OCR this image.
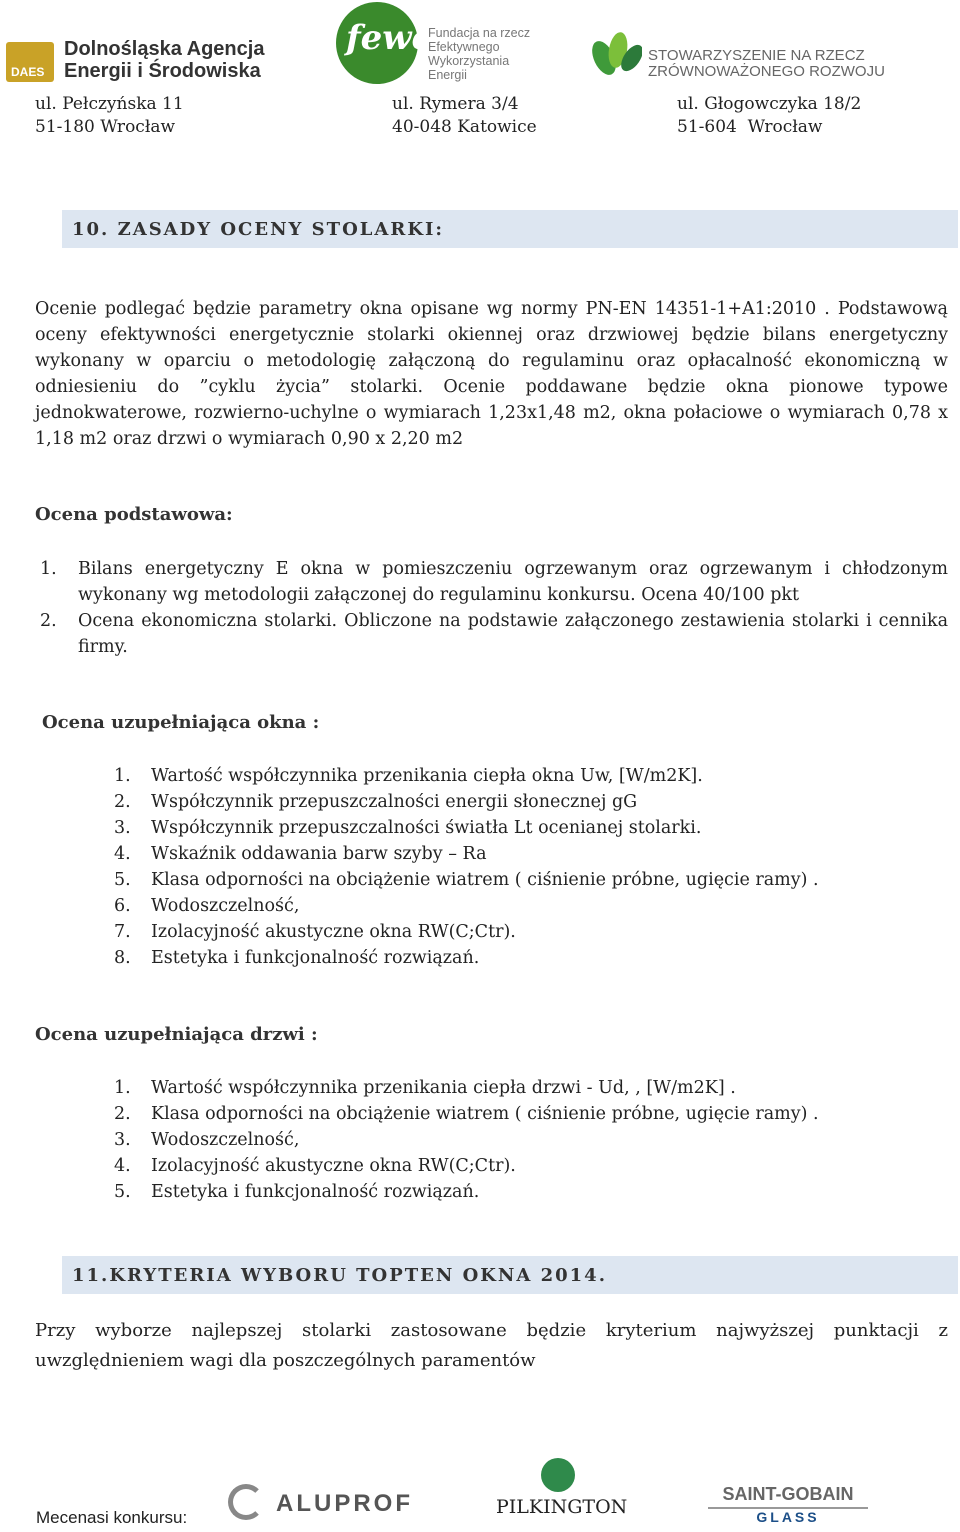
DAES
Dolnośląska Agencja
Energii i Środowiska
fewe
Fundacja na rzecz
Efektywnego
Wykorzystania
Energii
STOWARZYSZENIE NA RZECZ
ZRÓWNOWAŻONEGO ROZWOJU
ul. Pełczyńska 11
51-180 Wrocław
ul. Rymera 3/4
40-048 Katowice
ul. Głogowczyka 18/2
51-604  Wrocław
10. ZASADY OCENY STOLARKI:
Ocenie podlegać będzie parametry okna opisane wg normy PN-EN 14351-1+A1:2010 . Podstawową oceny efektywności energetycznie stolarki okiennej oraz drzwiowej będzie bilans energetyczny wykonany w oparciu o metodologię załączoną do regulaminu oraz opłacalność ekonomiczną w odniesieniu do ”cyklu życia” stolarki. Ocenie poddawane będzie okna pionowe typowe jednokwaterowe, rozwierno-uchylne o wymiarach 1,23x1,48 m2, okna połaciowe o wymiarach 0,78 x 1,18 m2 oraz drzwi o wymiarach 0,90 x 2,20 m2
Ocena podstawowa:
1. Bilans energetyczny E okna w pomieszczeniu ogrzewanym oraz ogrzewanym i chłodzonym wykonany wg metodologii załączonej do regulaminu konkursu. Ocena 40/100 pkt
2. Ocena ekonomiczna stolarki. Obliczone na podstawie załączonego zestawienia stolarki i cennika firmy.
Ocena uzupełniająca okna :
1. Wartość współczynnika przenikania ciepła okna Uw, [W/m2K].
2. Współczynnik przepuszczalności energii słonecznej gG
3. Współczynnik przepuszczalności światła Lt ocenianej stolarki.
4. Wskaźnik oddawania barw szyby – Ra
5. Klasa odporności na obciążenie wiatrem ( ciśnienie próbne, ugięcie ramy) .
6. Wodoszczelność,
7. Izolacyjność akustyczne okna RW(C;Ctr).
8. Estetyka i funkcjonalność rozwiązań.
Ocena uzupełniająca drzwi :
1. Wartość współczynnika przenikania ciepła drzwi - Ud, , [W/m2K] .
2. Klasa odporności na obciążenie wiatrem ( ciśnienie próbne, ugięcie ramy) .
3. Wodoszczelność,
4. Izolacyjność akustyczne okna RW(C;Ctr).
5. Estetyka i funkcjonalność rozwiązań.
11.KRYTERIA WYBORU TOPTEN OKNA 2014.
Przy wyborze najlepszej stolarki zastosowane będzie kryterium najwyższej punktacji z uwzględnieniem wagi dla poszczególnych paramentów
Mecenasi konkursu:
ALUPROF	PILKINGTON
SAINT-GOBAIN
GLASS
